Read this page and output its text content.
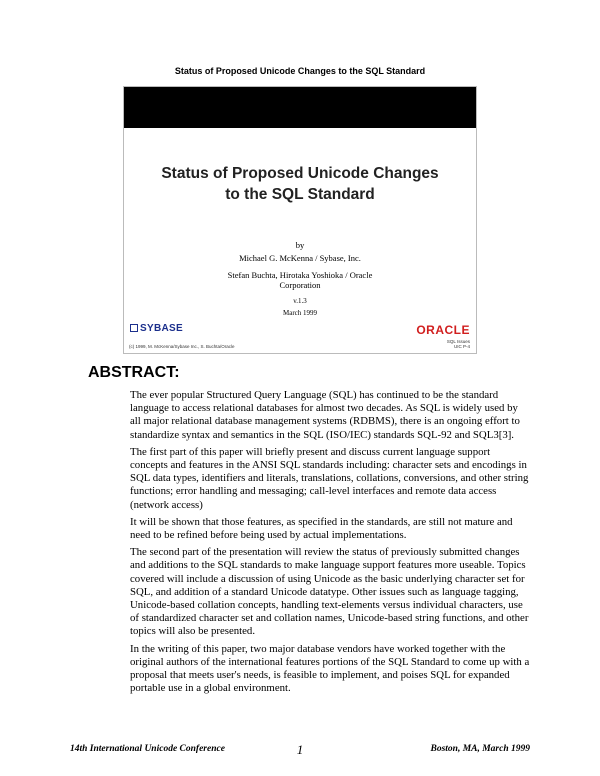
Status of Proposed Unicode Changes to the SQL Standard
Status of Proposed Unicode Changes
to the SQL Standard
by
Michael G. McKenna / Sybase, Inc.
Stefan Buchta, Hirotaka Yoshioka / Oracle
Corporation
v.1.3
March 1999
SYBASE	ORACLE
(c) 1999, M. McKenna/Sybase Inc., S. Buchta/Oracle
SQL Issues
UIC P-4
ABSTRACT:

The ever popular Structured Query Language (SQL) has continued to be the standard language to access relational databases for almost two decades. As SQL is widely used by all major relational database management systems (RDBMS), there is an ongoing effort to standardize syntax and semantics in the SQL (ISO/IEC) standards SQL-92 and SQL3[3].

The first part of this paper will briefly present and discuss current language support concepts and features in the ANSI SQL standards including: character sets and encodings in SQL data types, identifiers and literals, translations, collations, conversions, and other string functions; error handling and messaging; call-level interfaces and remote data access (network access)

It will be shown that those features, as specified in the standards, are still not mature and need to be refined before being used by actual implementations.

The second part of the presentation will review the status of previously submitted changes and additions to the SQL standards to make language support features more useable. Topics covered will include a discussion of using Unicode as the basic underlying character set for SQL, and addition of a standard Unicode datatype. Other issues such as language tagging, Unicode-based collation concepts, handling text-elements versus individual characters, use of standardized character set and collation names, Unicode-based string functions, and other topics will also be presented.

In the writing of this paper, two major database vendors have worked together with the original authors of the international features portions of the SQL Standard to come up with a proposal that meets user's needs, is feasible to implement, and poises SQL for expanded portable use in a global environment.

14th International Unicode Conference	1	Boston, MA, March 1999
